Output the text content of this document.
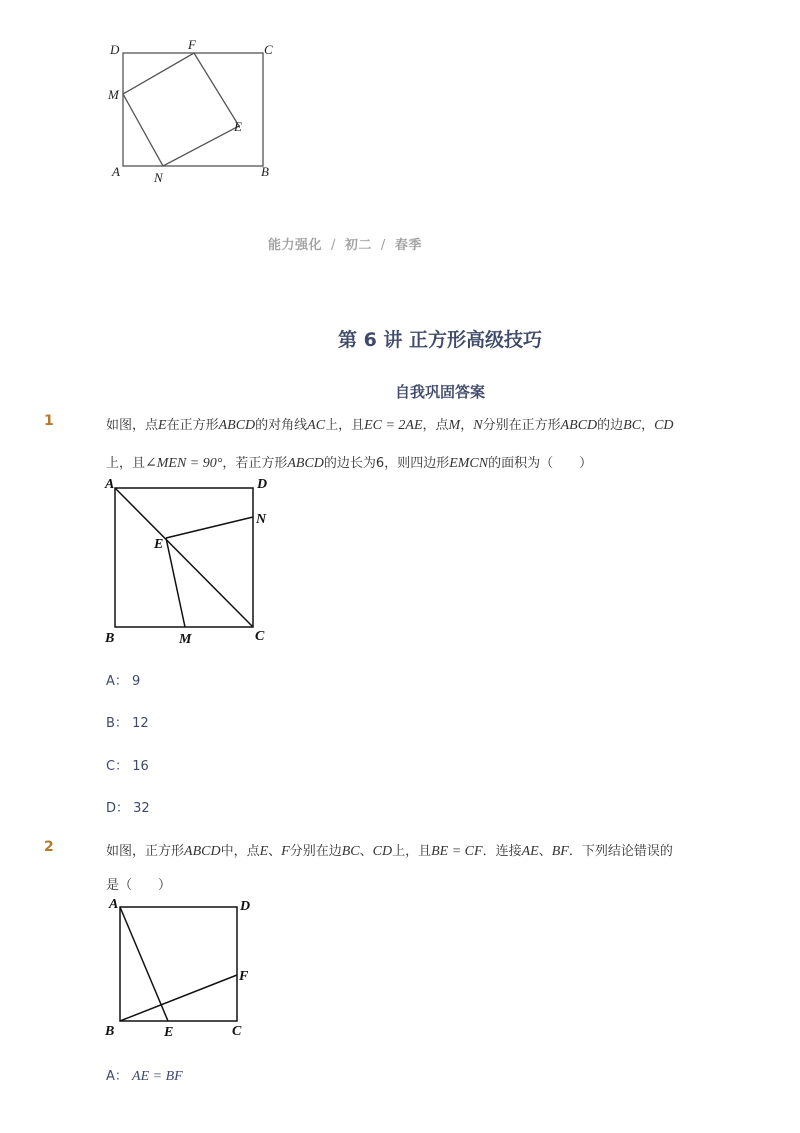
D	F	C
M
E
A	N	B
能力强化 / 初二 / 春季
第 6 讲 正方形高级技巧
自我巩固答案
1	如图，点E在正方形ABCD的对角线AC上，且EC = 2AE，点M，N分别在正方形ABCD的边BC，CD
上，且∠MEN = 90°，若正方形ABCD的边长为6，则四边形EMCN的面积为（　　）
A	D
N
E
B	M	C
A： 9
B： 12
C： 16
D： 32
2	如图，正方形ABCD中，点E、F分别在边BC、CD上，且BE = CF．连接AE、BF．下列结论错误的
是（　　）
A	D
F
B	E	C
A： AE = BF
